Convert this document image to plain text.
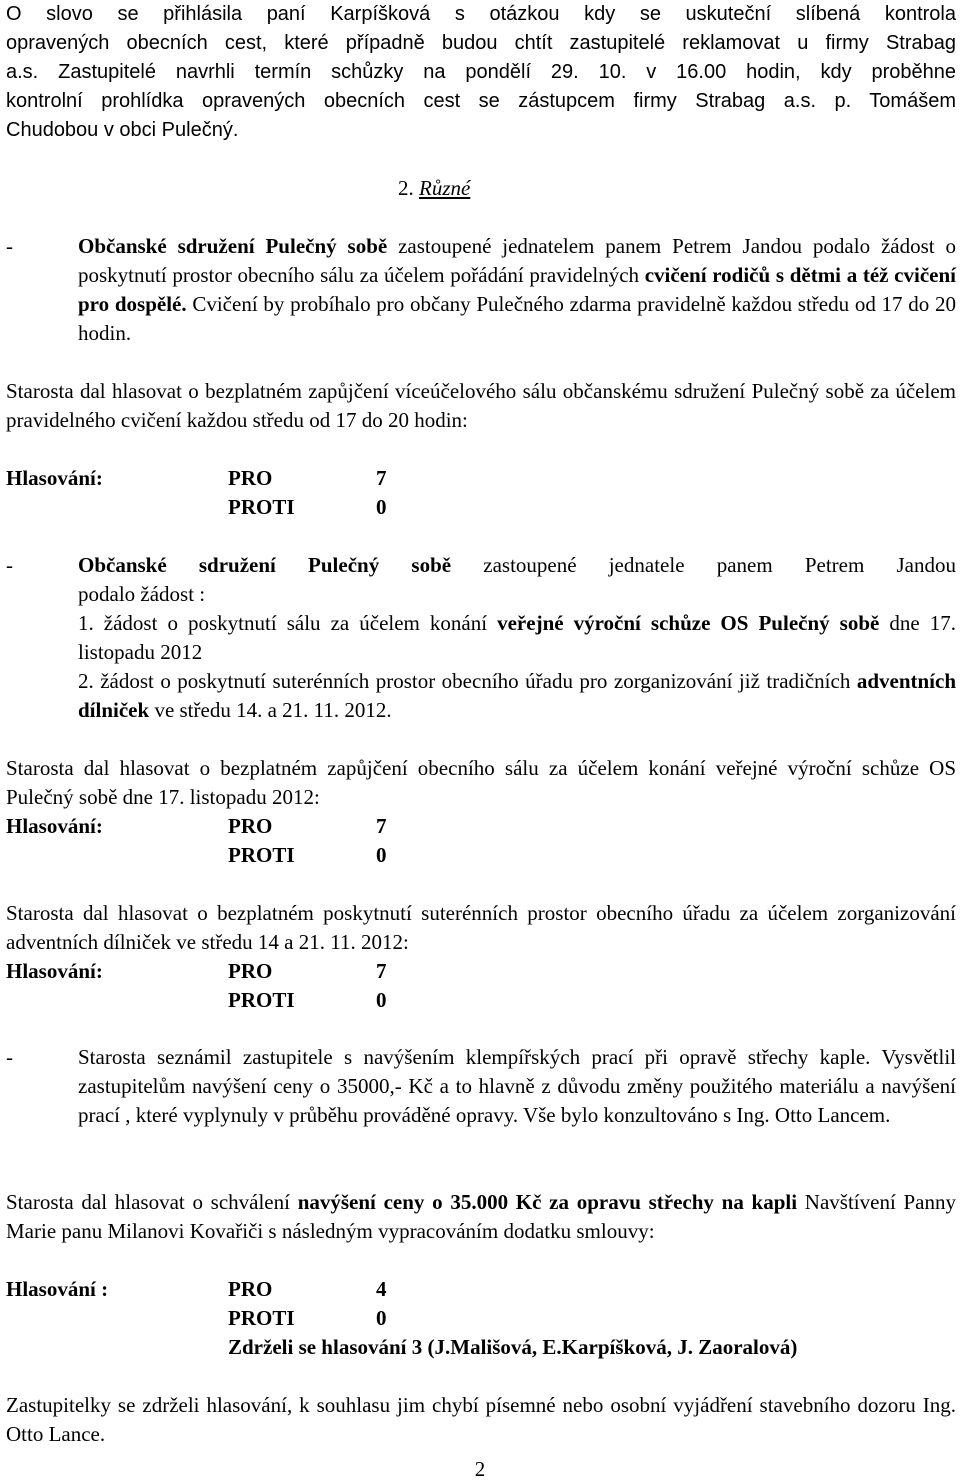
O slovo se přihlásila paní Karpíšková s otázkou kdy se uskuteční slíbená kontrola

opravených obecních cest, které případně budou chtít zastupitelé reklamovat u firmy Strabag

a.s. Zastupitelé navrhli termín schůzky na pondělí 29. 10. v 16.00 hodin, kdy proběhne

kontrolní prohlídka opravených obecních cest se zástupcem firmy Strabag a.s. p. Tomášem

Chudobou v obci Pulečný.

2. Různé
-	Občanské sdružení Pulečný sobě zastoupené jednatelem panem Petrem Jandou podalo žádost o poskytnutí prostor obecního sálu za účelem pořádání pravidelných cvičení rodičů s dětmi a též cvičení pro dospělé. Cvičení by probíhalo pro občany Pulečného zdarma pravidelně každou středu od 17 do 20 hodin.

Starosta dal hlasovat o bezplatném zapůjčení víceúčelového sálu občanskému sdružení Pulečný sobě za účelem pravidelného cvičení každou středu od 17 do 20 hodin:

Hlasování:	PRO	7
PROTI	0
-	Občanské sdružení Pulečný sobě zastoupené jednatele panem Petrem Jandou

podalo žádost :

1. žádost o poskytnutí sálu za účelem konání veřejné výroční schůze OS Pulečný sobě dne 17. listopadu 2012

2. žádost o poskytnutí suterénních prostor obecního úřadu pro zorganizování již tradičních adventních dílniček ve středu 14. a 21. 11. 2012.

Starosta dal hlasovat o bezplatném zapůjčení obecního sálu za účelem konání veřejné výroční schůze OS Pulečný sobě dne 17. listopadu 2012:

Hlasování:	PRO	7
PROTI	0

Starosta dal hlasovat o bezplatném poskytnutí suterénních prostor obecního úřadu za účelem zorganizování adventních dílniček ve středu 14 a 21. 11. 2012:

Hlasování:	PRO	7
PROTI	0
-	Starosta seznámil zastupitele s navýšením klempířských prací při opravě střechy kaple. Vysvětlil zastupitelům navýšení ceny o 35000,- Kč a to hlavně z důvodu změny použitého materiálu a navýšení prací , které vyplynuly v průběhu prováděné opravy. Vše bylo konzultováno s Ing. Otto Lancem.

Starosta dal hlasovat o schválení navýšení ceny o 35.000 Kč za opravu střechy na kapli Navštívení Panny Marie panu Milanovi Kovařiči s následným vypracováním dodatku smlouvy:

Hlasování :	PRO	4
PROTI	0
Zdrželi se hlasování 3 (J.Mališová, E.Karpíšková, J. Zaoralová)

Zastupitelky se zdrželi hlasování, k souhlasu jim chybí písemné nebo osobní vyjádření stavebního dozoru Ing. Otto Lance.

2
